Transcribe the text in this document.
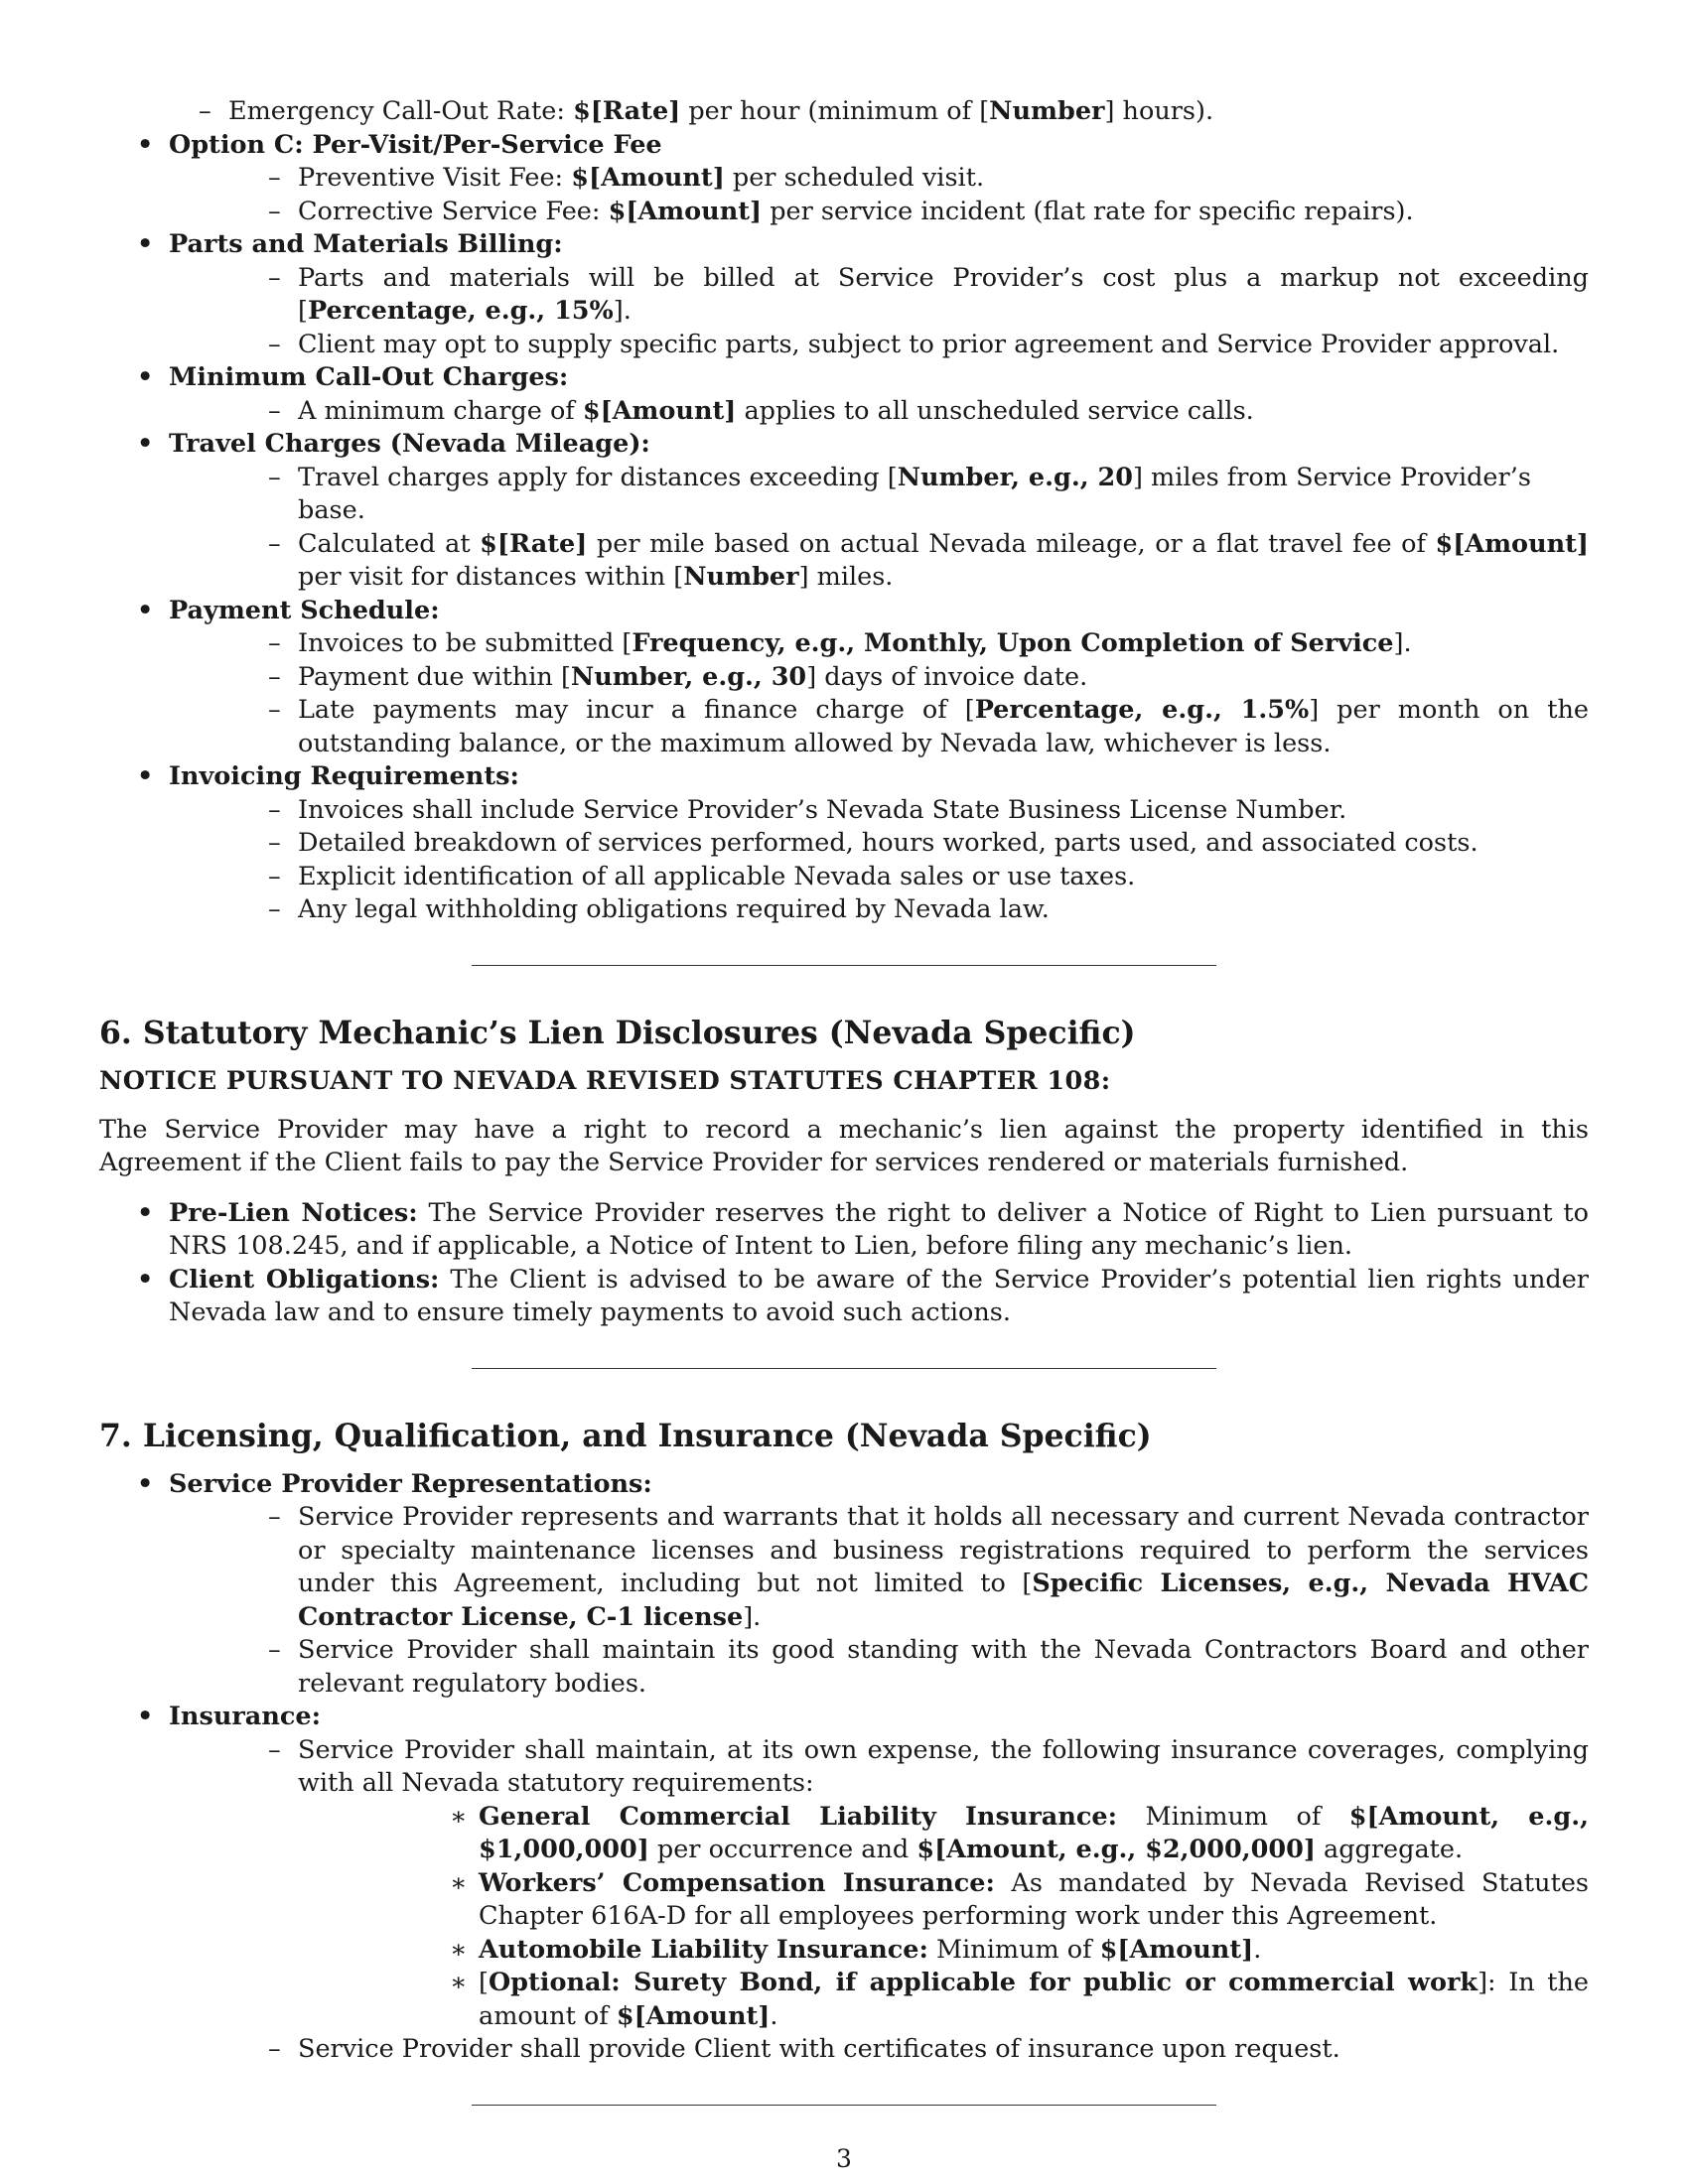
– Emergency Call-Out Rate: $[Rate] per hour (minimum of [Number] hours).
• Option C: Per-Visit/Per-Service Fee
– Preventive Visit Fee: $[Amount] per scheduled visit.
– Corrective Service Fee: $[Amount] per service incident (flat rate for specific repairs).
• Parts and Materials Billing:
– Parts and materials will be billed at Service Provider’s cost plus a markup not exceeding [Percentage, e.g., 15%].
– Client may opt to supply specific parts, subject to prior agreement and Service Provider approval.
• Minimum Call-Out Charges:
– A minimum charge of $[Amount] applies to all unscheduled service calls.
• Travel Charges (Nevada Mileage):
– Travel charges apply for distances exceeding [Number, e.g., 20] miles from Service Provider’s base.
– Calculated at $[Rate] per mile based on actual Nevada mileage, or a flat travel fee of $[Amount] per visit for distances within [Number] miles.
• Payment Schedule:
– Invoices to be submitted [Frequency, e.g., Monthly, Upon Completion of Service].
– Payment due within [Number, e.g., 30] days of invoice date.
– Late payments may incur a finance charge of [Percentage, e.g., 1.5%] per month on the outstanding balance, or the maximum allowed by Nevada law, whichever is less.
• Invoicing Requirements:
– Invoices shall include Service Provider’s Nevada State Business License Number.
– Detailed breakdown of services performed, hours worked, parts used, and associated costs.
– Explicit identification of all applicable Nevada sales or use taxes.
– Any legal withholding obligations required by Nevada law.
6. Statutory Mechanic’s Lien Disclosures (Nevada Specific)
NOTICE PURSUANT TO NEVADA REVISED STATUTES CHAPTER 108:

The Service Provider may have a right to record a mechanic’s lien against the property identified in this Agreement if the Client fails to pay the Service Provider for services rendered or materials furnished.

• Pre-Lien Notices: The Service Provider reserves the right to deliver a Notice of Right to Lien pursuant to NRS 108.245, and if applicable, a Notice of Intent to Lien, before filing any mechanic’s lien.
• Client Obligations: The Client is advised to be aware of the Service Provider’s potential lien rights under Nevada law and to ensure timely payments to avoid such actions.
7. Licensing, Qualification, and Insurance (Nevada Specific)
• Service Provider Representations:
– Service Provider represents and warrants that it holds all necessary and current Nevada contractor or specialty maintenance licenses and business registrations required to perform the services under this Agreement, including but not limited to [Specific Licenses, e.g., Nevada HVAC Contractor License, C-1 license].
– Service Provider shall maintain its good standing with the Nevada Contractors Board and other relevant regulatory bodies.
• Insurance:
– Service Provider shall maintain, at its own expense, the following insurance coverages, complying with all Nevada statutory requirements:
∗ General Commercial Liability Insurance: Minimum of $[Amount, e.g., $1,000,000] per occurrence and $[Amount, e.g., $2,000,000] aggregate.
∗ Workers’ Compensation Insurance: As mandated by Nevada Revised Statutes Chapter 616A-D for all employees performing work under this Agreement.
∗ Automobile Liability Insurance: Minimum of $[Amount].
∗ [Optional: Surety Bond, if applicable for public or commercial work]: In the amount of $[Amount].
– Service Provider shall provide Client with certificates of insurance upon request.
3
